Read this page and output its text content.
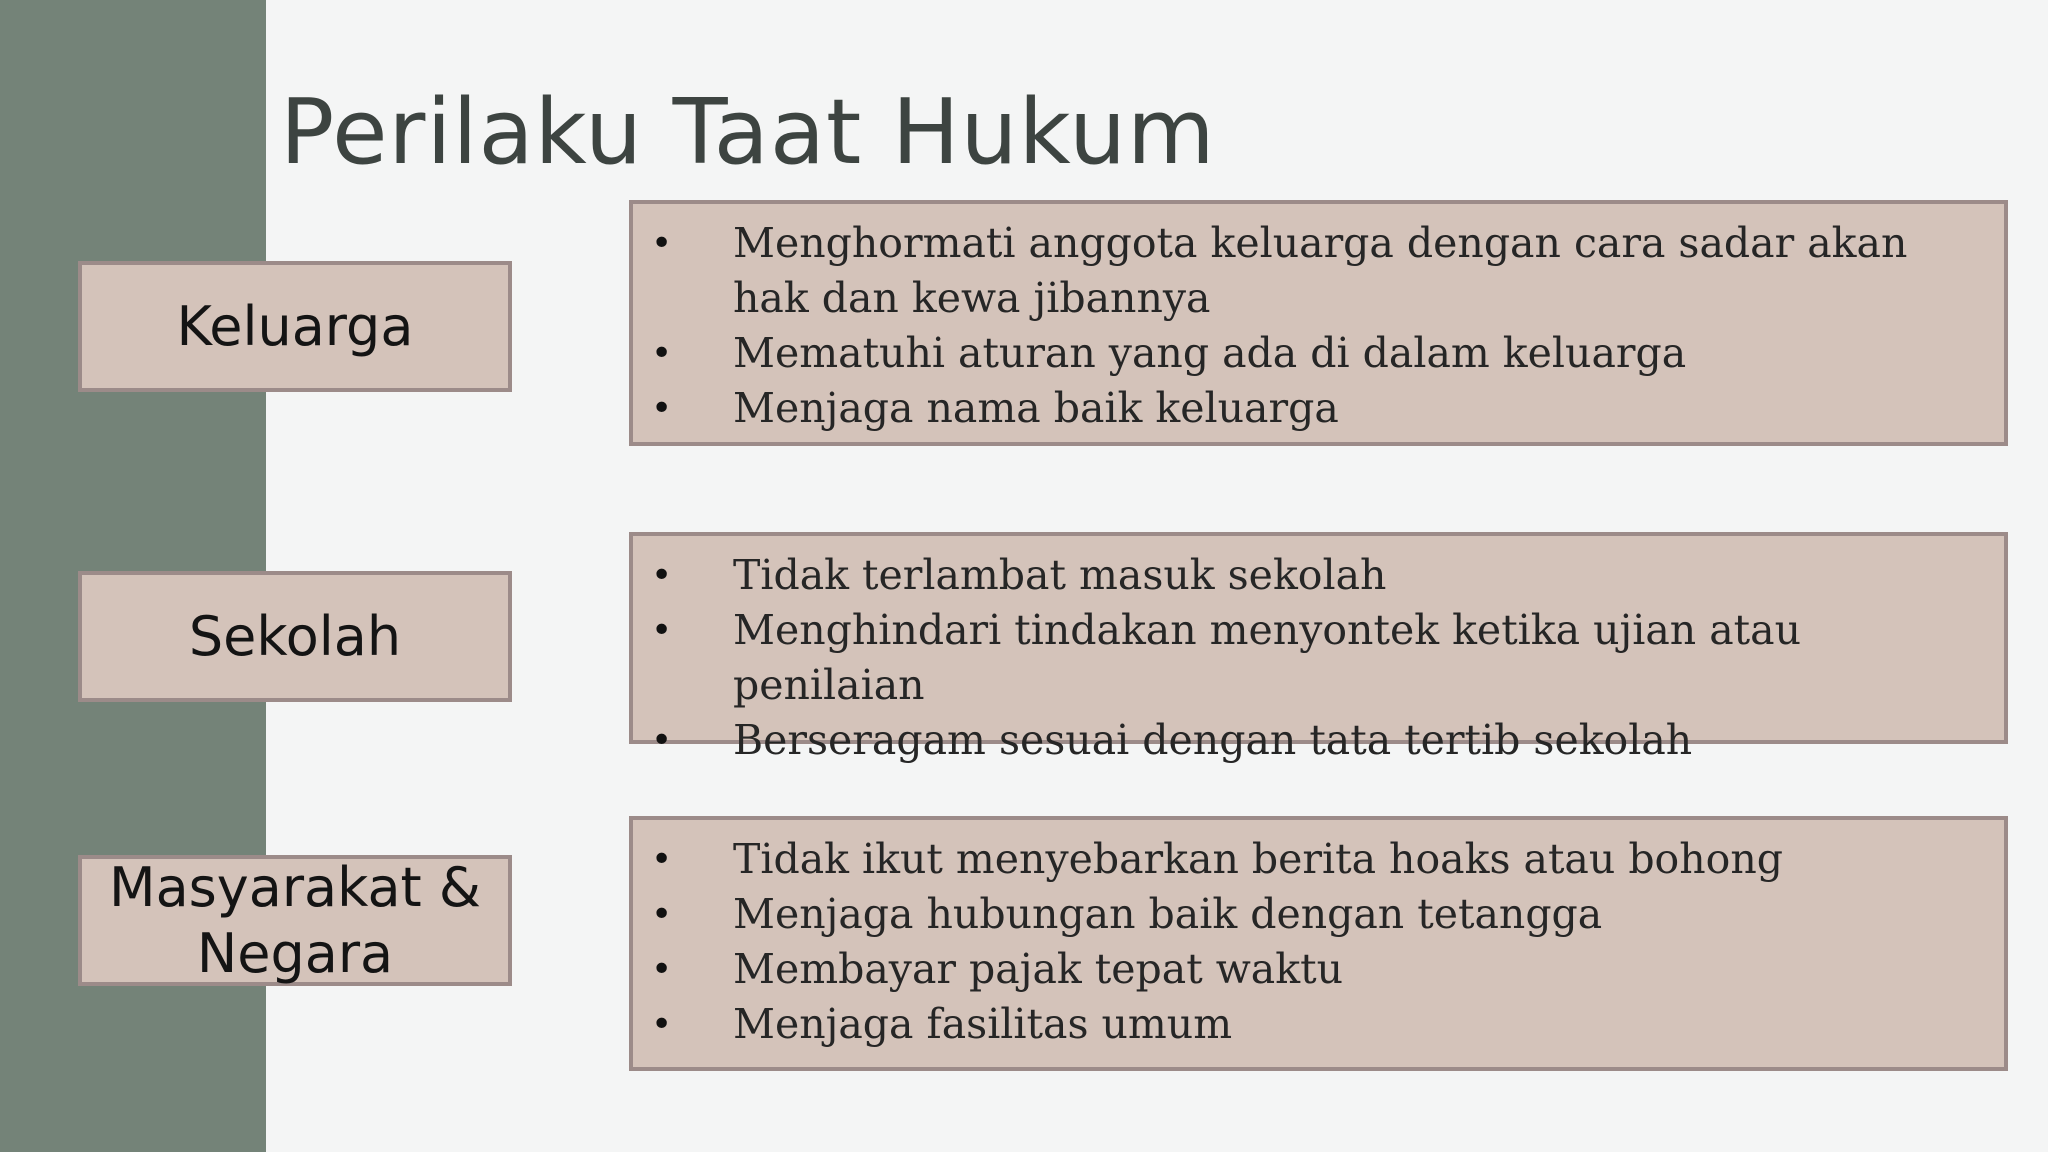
Perilaku Taat Hukum
Keluarga
Sekolah
Masyarakat & Negara
• Menghormati anggota keluarga dengan cara sadar akan hak dan kewa jibannya
• Mematuhi aturan yang ada di dalam keluarga
• Menjaga nama baik keluarga
• Tidak terlambat masuk sekolah
• Menghindari tindakan menyontek ketika ujian atau penilaian
• Berseragam sesuai dengan tata tertib sekolah
• Tidak ikut menyebarkan berita hoaks atau bohong
• Menjaga hubungan baik dengan tetangga
• Membayar pajak tepat waktu
• Menjaga fasilitas umum
